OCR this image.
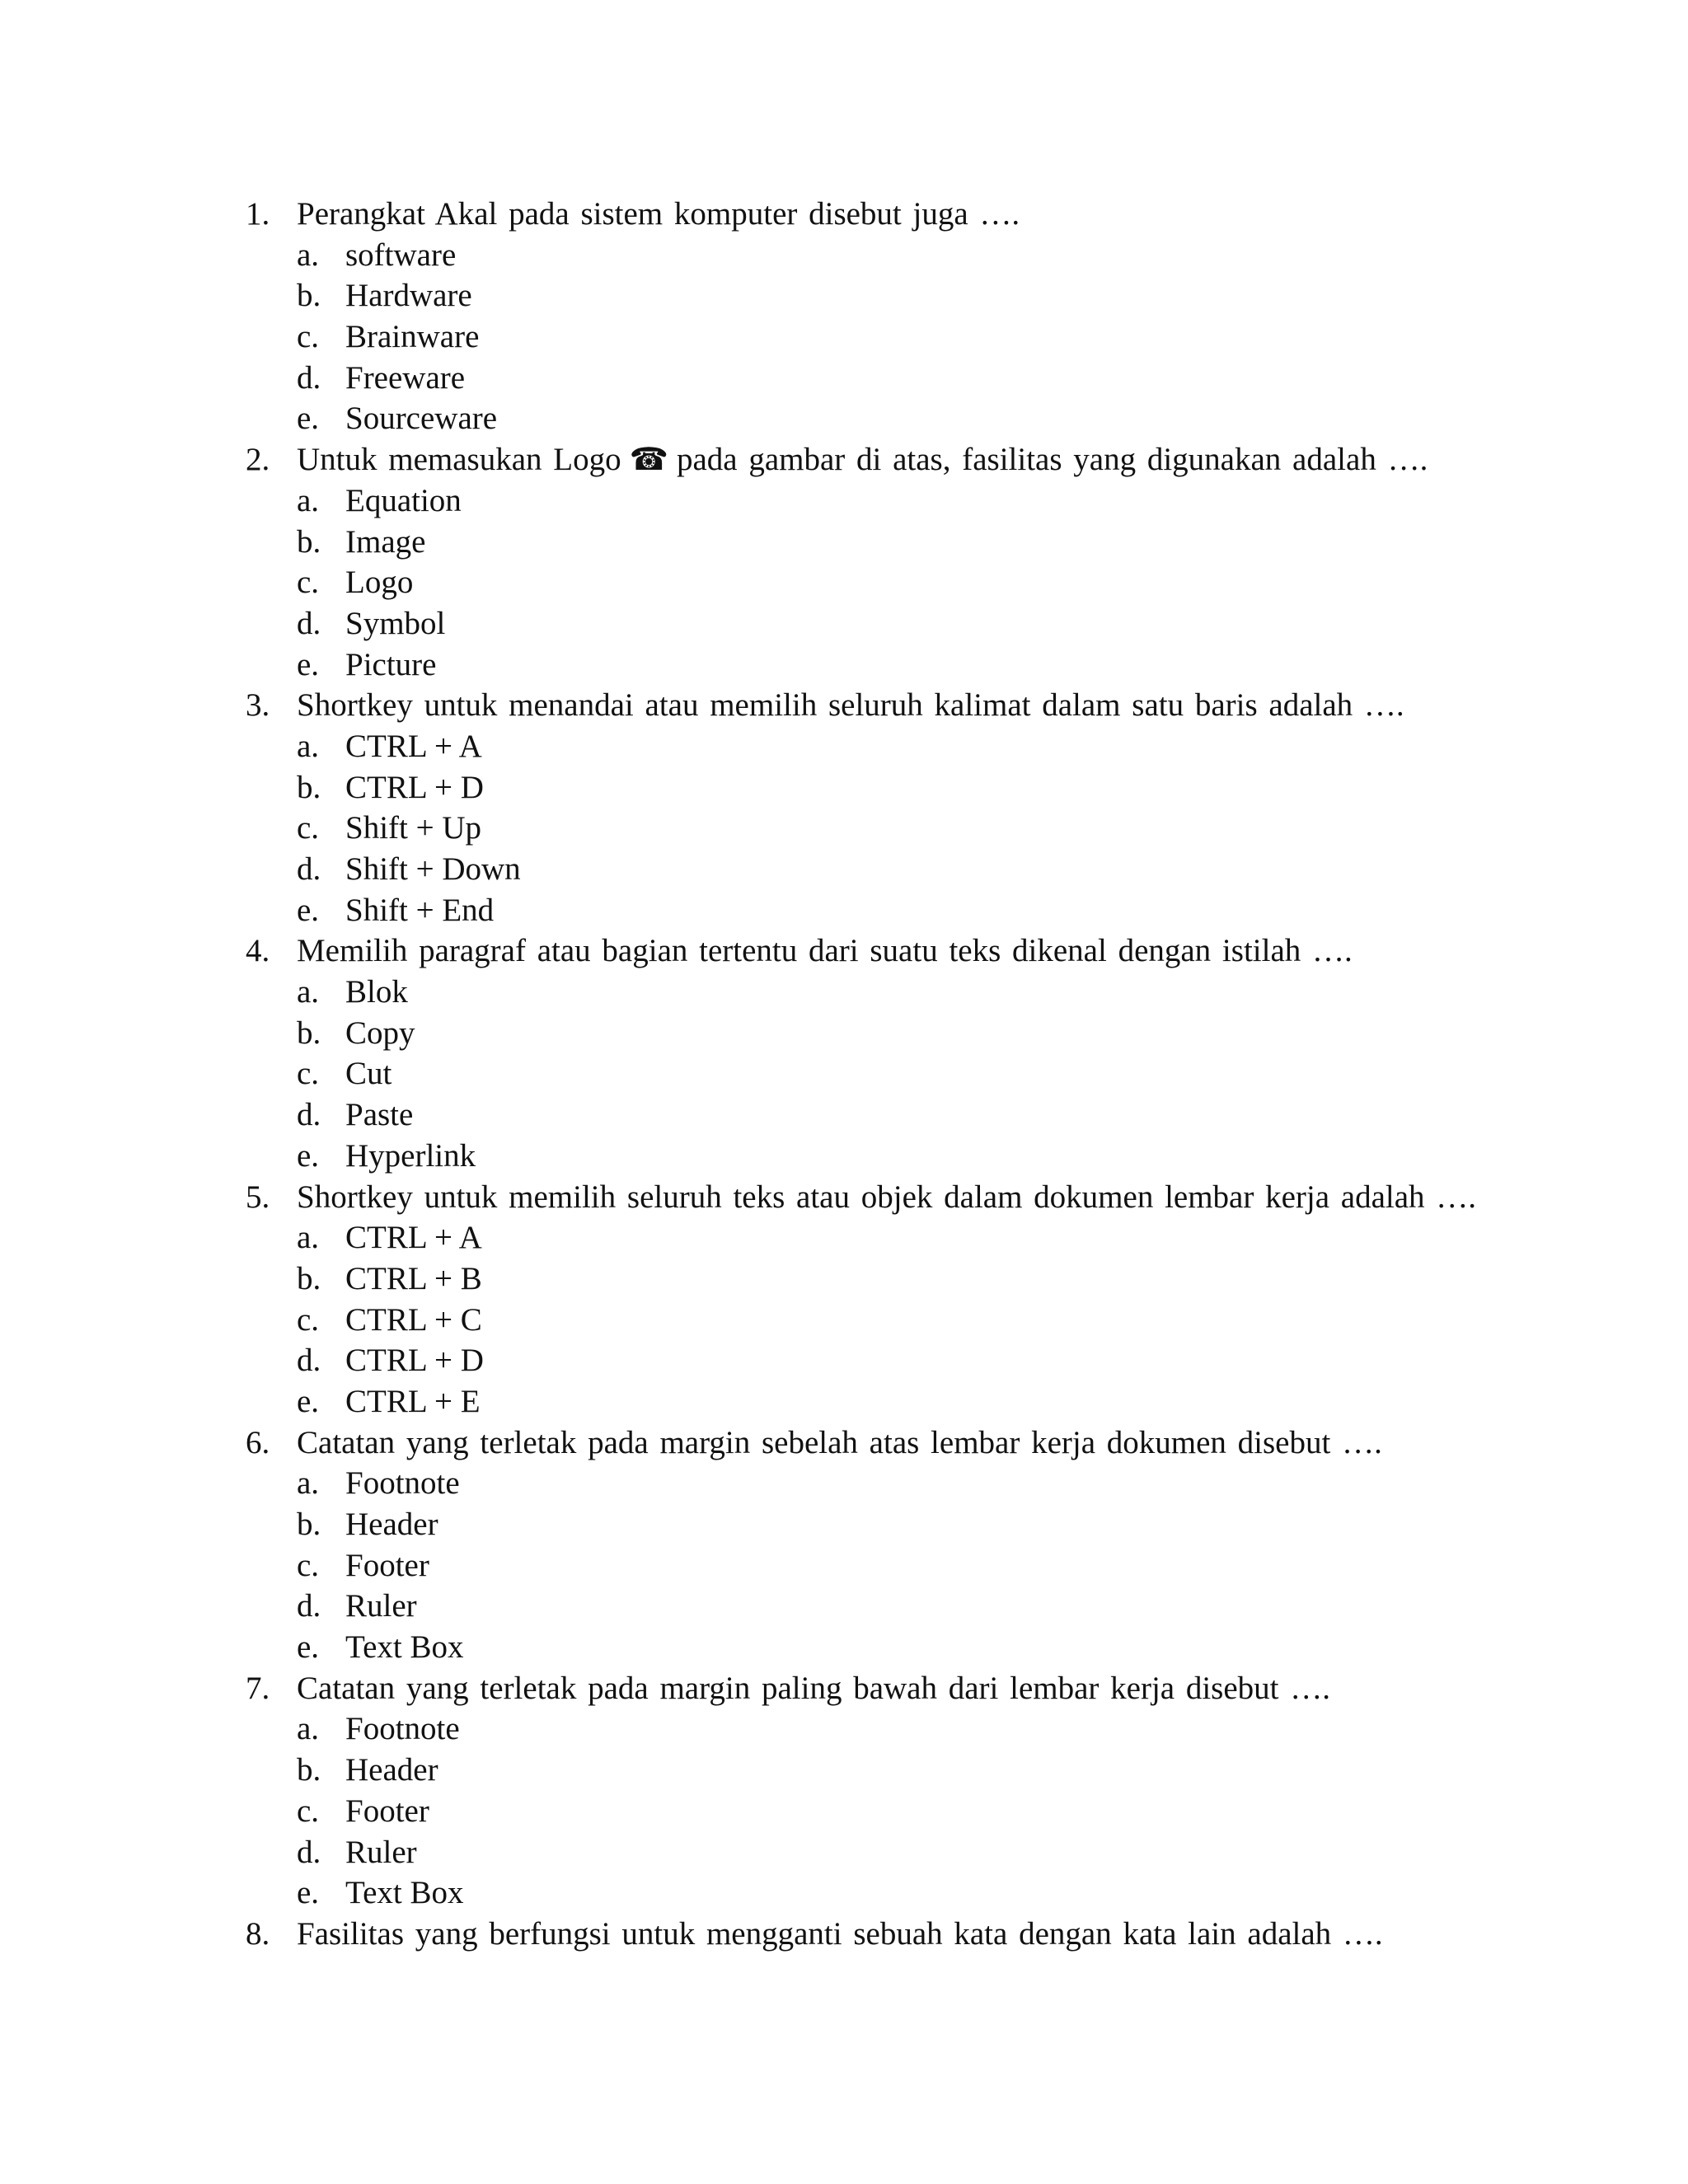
1. Perangkat Akal pada sistem komputer disebut juga ….
a. software
b. Hardware
c. Brainware
d. Freeware
e. Sourceware
2. Untuk memasukan Logo ☎ pada gambar di atas, fasilitas yang digunakan adalah ….
a. Equation
b. Image
c. Logo
d. Symbol
e. Picture
3. Shortkey untuk menandai atau memilih seluruh kalimat dalam satu baris adalah ….
a. CTRL + A
b. CTRL + D
c. Shift + Up
d. Shift + Down
e. Shift + End
4. Memilih paragraf atau bagian tertentu dari suatu teks dikenal dengan istilah ….
a. Blok
b. Copy
c. Cut
d. Paste
e. Hyperlink
5. Shortkey untuk memilih seluruh teks atau objek dalam dokumen lembar kerja adalah ….
a. CTRL + A
b. CTRL + B
c. CTRL + C
d. CTRL + D
e. CTRL + E
6. Catatan yang terletak pada margin sebelah atas lembar kerja dokumen disebut ….
a. Footnote
b. Header
c. Footer
d. Ruler
e. Text Box
7. Catatan yang terletak pada margin paling bawah dari lembar kerja disebut ….
a. Footnote
b. Header
c. Footer
d. Ruler
e. Text Box
8. Fasilitas yang berfungsi untuk mengganti sebuah kata dengan kata lain adalah ….
